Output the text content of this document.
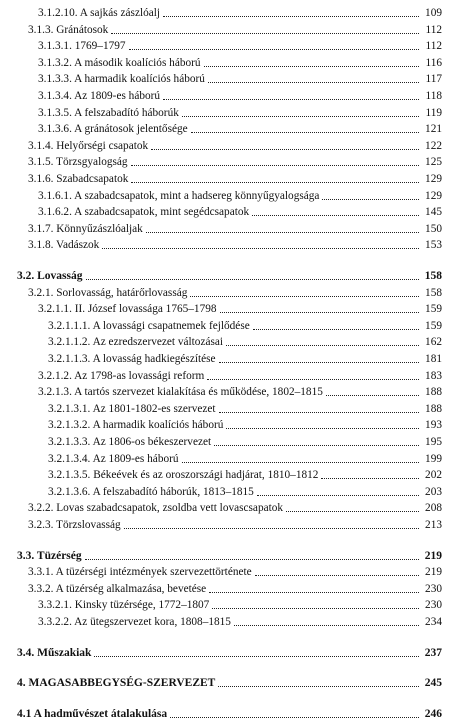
3.1.2.10. A sajkás zászlóalj	109
3.1.3. Gránátosok	112
3.1.3.1. 1769–1797	112
3.1.3.2. A második koalíciós háború	116
3.1.3.3. A harmadik koalíciós háború	117
3.1.3.4. Az 1809-es háború	118
3.1.3.5. A felszabadító háborúk	119
3.1.3.6. A gránátosok jelentősége	121
3.1.4. Helyőrségi csapatok	122
3.1.5. Törzsgyalogság	125
3.1.6. Szabadcsapatok	129
3.1.6.1. A szabadcsapatok, mint a hadsereg könnyűgyalogsága	129
3.1.6.2. A szabadcsapatok, mint segédcsapatok	145
3.1.7. Könnyűzászlóaljak	150
3.1.8. Vadászok	153
3.2. Lovasság	158
3.2.1. Sorlovasság, határőrlovasság	158
3.2.1.1. II. József lovassága 1765–1798	159
3.2.1.1.1. A lovassági csapatnemek fejlődése	159
3.2.1.1.2. Az ezredszervezet változásai	162
3.2.1.1.3. A lovasság hadkiegészítése	181
3.2.1.2. Az 1798-as lovassági reform	183
3.2.1.3. A tartós szervezet kialakítása és működése, 1802–1815	188
3.2.1.3.1. Az 1801-1802-es szervezet	188
3.2.1.3.2. A harmadik koalíciós háború	193
3.2.1.3.3. Az 1806-os békeszervezet	195
3.2.1.3.4. Az 1809-es háború	199
3.2.1.3.5. Békeévek és az oroszországi hadjárat, 1810–1812	202
3.2.1.3.6. A felszabadító háborúk, 1813–1815	203
3.2.2. Lovas szabadcsapatok, zsoldba vett lovascsapatok	208
3.2.3. Törzslovasság	213
3.3. Tüzérség	219
3.3.1. A tüzérségi intézmények szervezettörténete	219
3.3.2. A tüzérség alkalmazása, bevetése	230
3.3.2.1. Kinsky tüzérsége, 1772–1807	230
3.3.2.2. Az ütegszervezet kora, 1808–1815	234
3.4. Műszakiak	237
4. MAGASABBEGYSÉG-SZERVEZET	245
4.1 A hadművészet átalakulása	246
